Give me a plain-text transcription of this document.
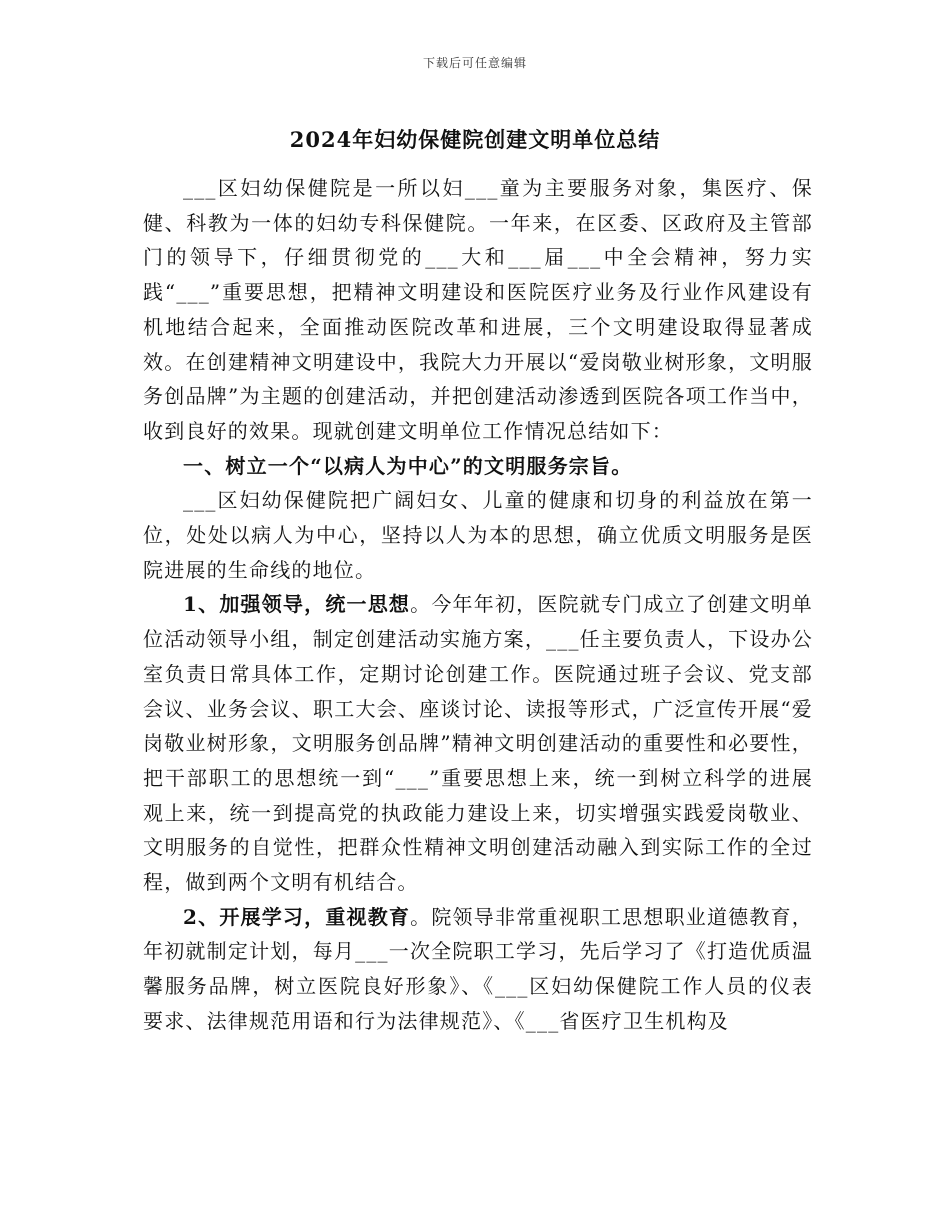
下载后可任意编辑
2024年妇幼保健院创建文明单位总结

___区妇幼保健院是一所以妇___童为主要服务对象，集医疗、保健、科教为一体的妇幼专科保健院。一年来，在区委、区政府及主管部门的领导下，仔细贯彻党的___大和___届___中全会精神，努力实践“___”重要思想，把精神文明建设和医院医疗业务及行业作风建设有机地结合起来，全面推动医院改革和进展，三个文明建设取得显著成效。在创建精神文明建设中，我院大力开展以“爱岗敬业树形象，文明服务创品牌”为主题的创建活动，并把创建活动渗透到医院各项工作当中，收到良好的效果。现就创建文明单位工作情况总结如下：

一、树立一个“以病人为中心”的文明服务宗旨。

___区妇幼保健院把广阔妇女、儿童的健康和切身的利益放在第一位，处处以病人为中心，坚持以人为本的思想，确立优质文明服务是医院进展的生命线的地位。

1、加强领导，统一思想。今年年初，医院就专门成立了创建文明单位活动领导小组，制定创建活动实施方案，___任主要负责人，下设办公室负责日常具体工作，定期讨论创建工作。医院通过班子会议、党支部会议、业务会议、职工大会、座谈讨论、读报等形式，广泛宣传开展“爱岗敬业树形象，文明服务创品牌”精神文明创建活动的重要性和必要性，把干部职工的思想统一到“___”重要思想上来，统一到树立科学的进展观上来，统一到提高党的执政能力建设上来，切实增强实践爱岗敬业、文明服务的自觉性，把群众性精神文明创建活动融入到实际工作的全过程，做到两个文明有机结合。

2、开展学习，重视教育。院领导非常重视职工思想职业道德教育，年初就制定计划，每月___一次全院职工学习，先后学习了《打造优质温馨服务品牌，树立医院良好形象》、《___区妇幼保健院工作人员的仪表要求、法律规范用语和行为法律规范》、《___省医疗卫生机构及
